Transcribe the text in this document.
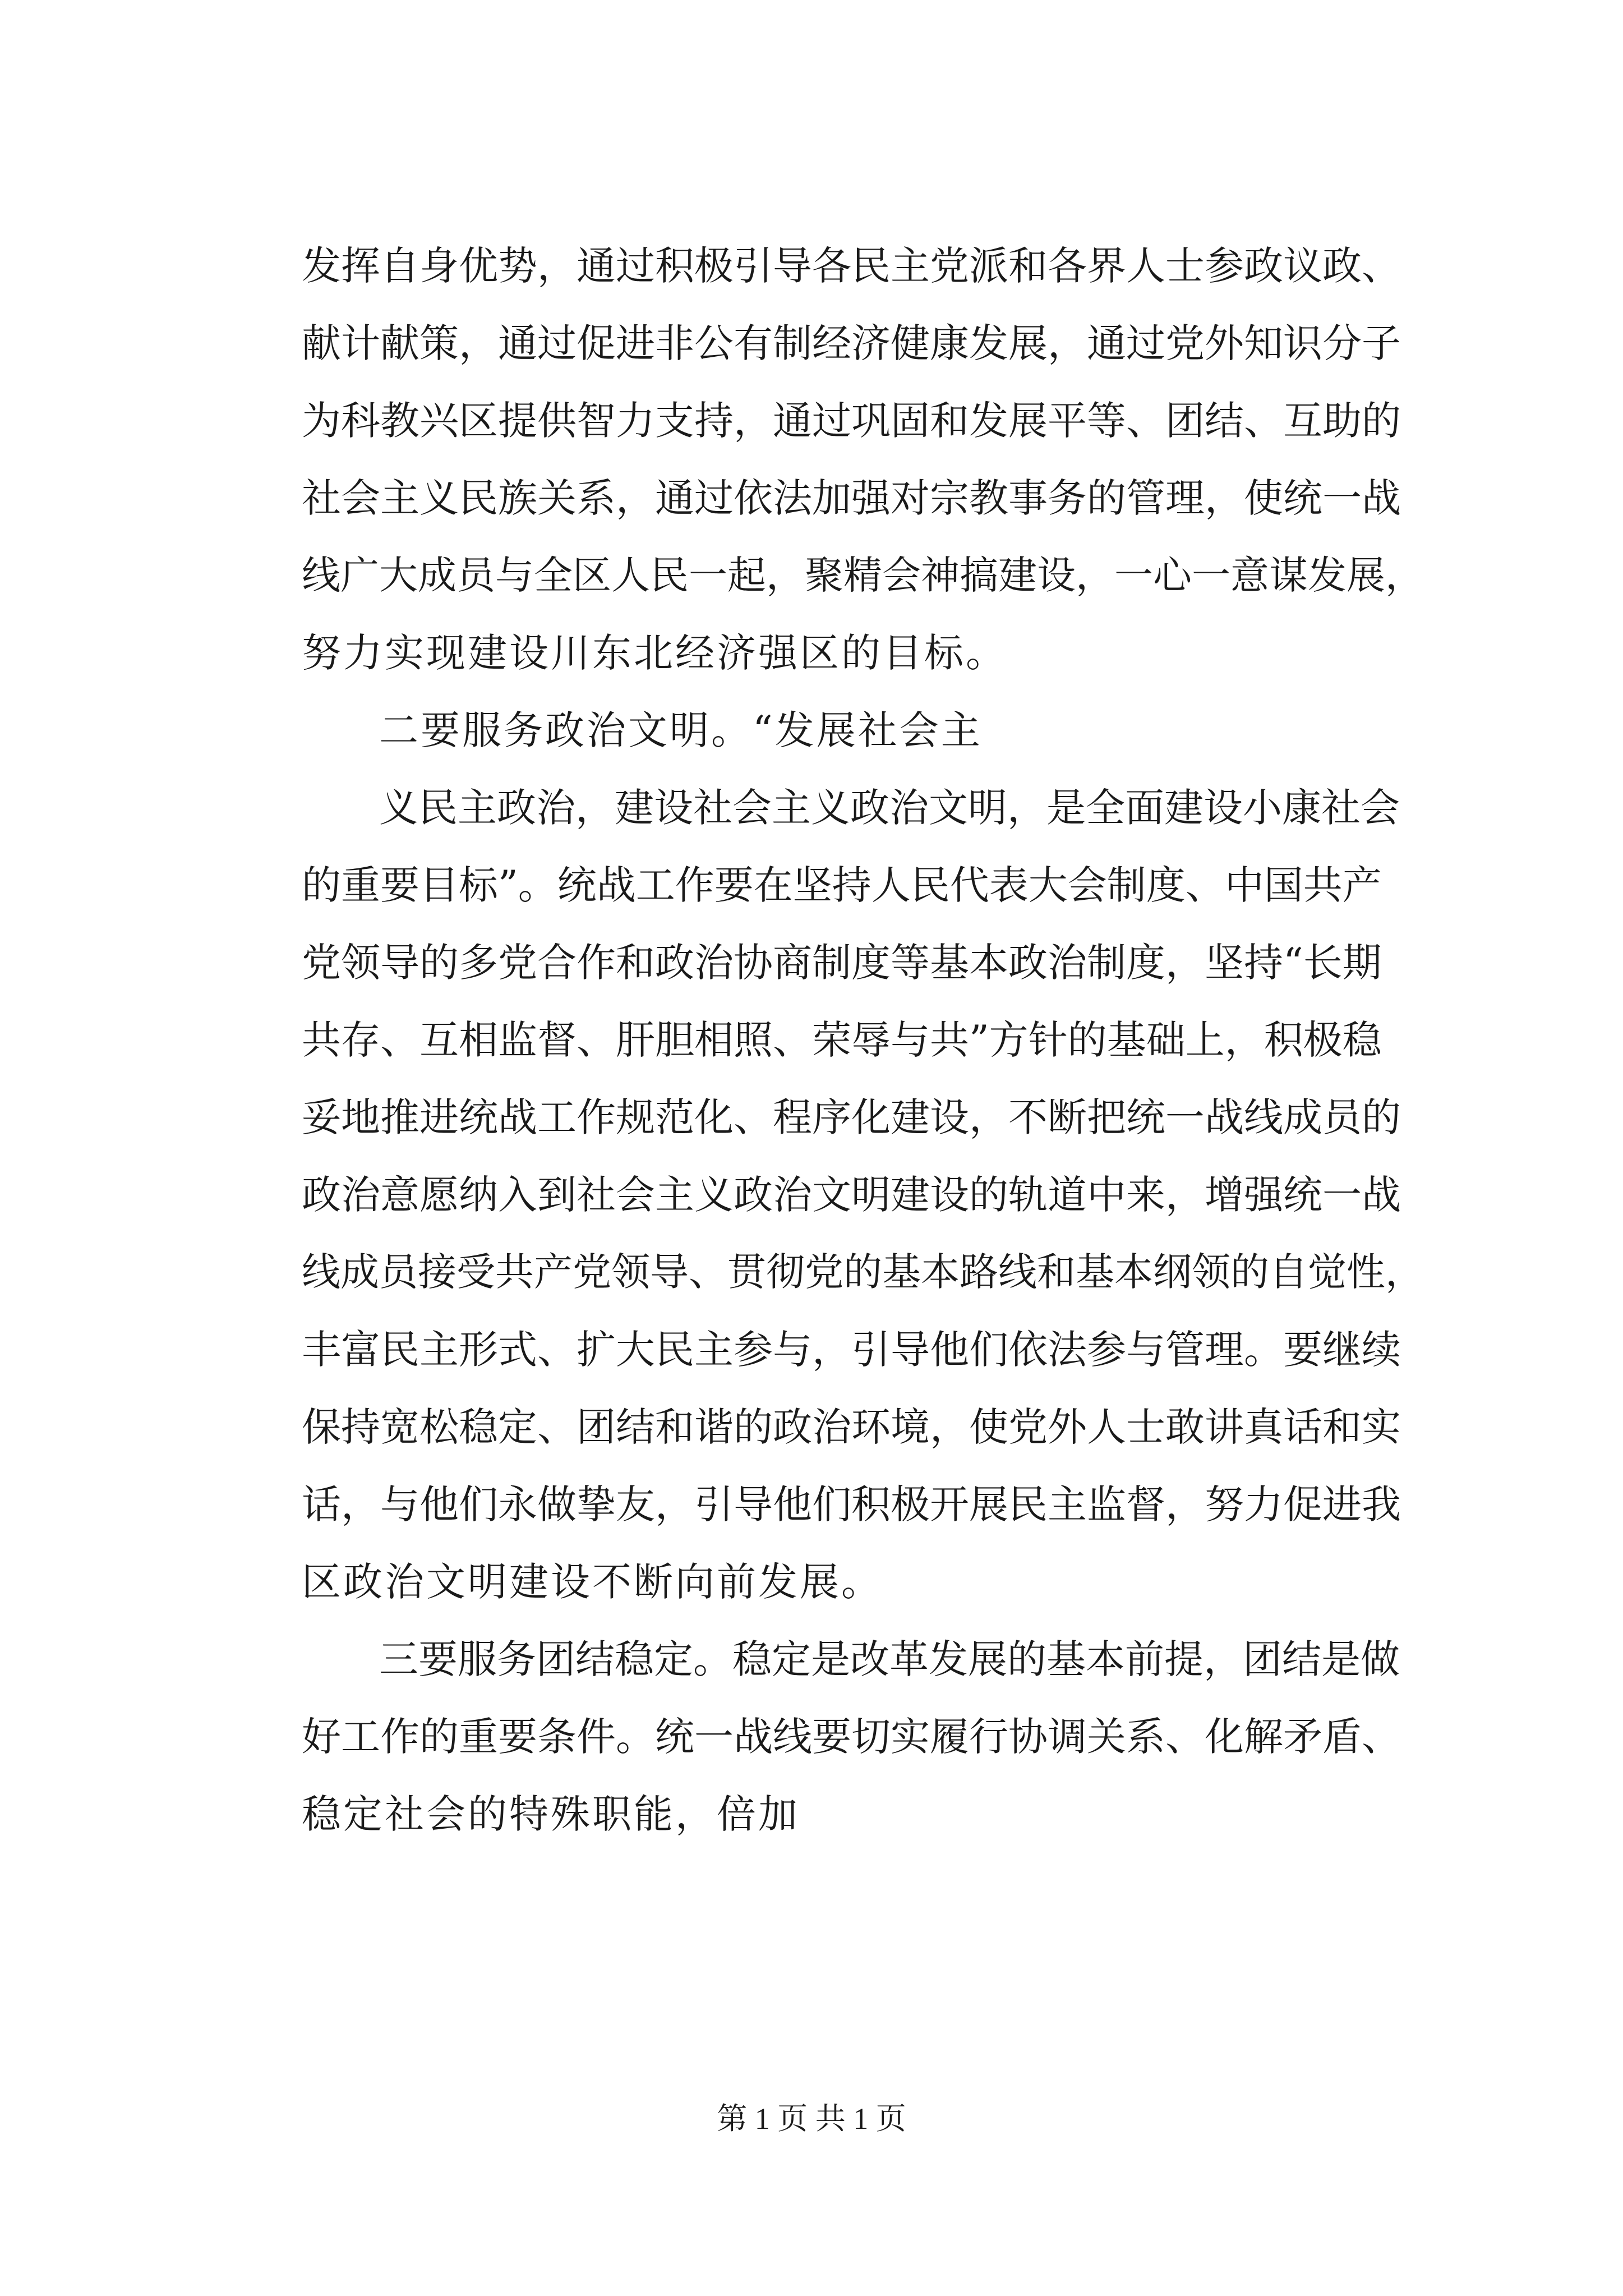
发挥自身优势，通过积极引导各民主党派和各界人士参政议政、
献计献策，通过促进非公有制经济健康发展，通过党外知识分子
为科教兴区提供智力支持，通过巩固和发展平等、团结、互助的
社会主义民族关系，通过依法加强对宗教事务的管理，使统一战
线广大成员与全区人民一起，聚精会神搞建设，一心一意谋发展，
努力实现建设川东北经济强区的目标。
二要服务政治文明。“发展社会主
义民主政治，建设社会主义政治文明，是全面建设小康社会
的重要目标”。统战工作要在坚持人民代表大会制度、中国共产
党领导的多党合作和政治协商制度等基本政治制度，坚持“长期
共存、互相监督、肝胆相照、荣辱与共”方针的基础上，积极稳
妥地推进统战工作规范化、程序化建设，不断把统一战线成员的
政治意愿纳入到社会主义政治文明建设的轨道中来，增强统一战
线成员接受共产党领导、贯彻党的基本路线和基本纲领的自觉性，
丰富民主形式、扩大民主参与，引导他们依法参与管理。要继续
保持宽松稳定、团结和谐的政治环境，使党外人士敢讲真话和实
话，与他们永做挚友，引导他们积极开展民主监督，努力促进我
区政治文明建设不断向前发展。
三要服务团结稳定。稳定是改革发展的基本前提，团结是做
好工作的重要条件。统一战线要切实履行协调关系、化解矛盾、
稳定社会的特殊职能，倍加
第 1 页 共 1 页
